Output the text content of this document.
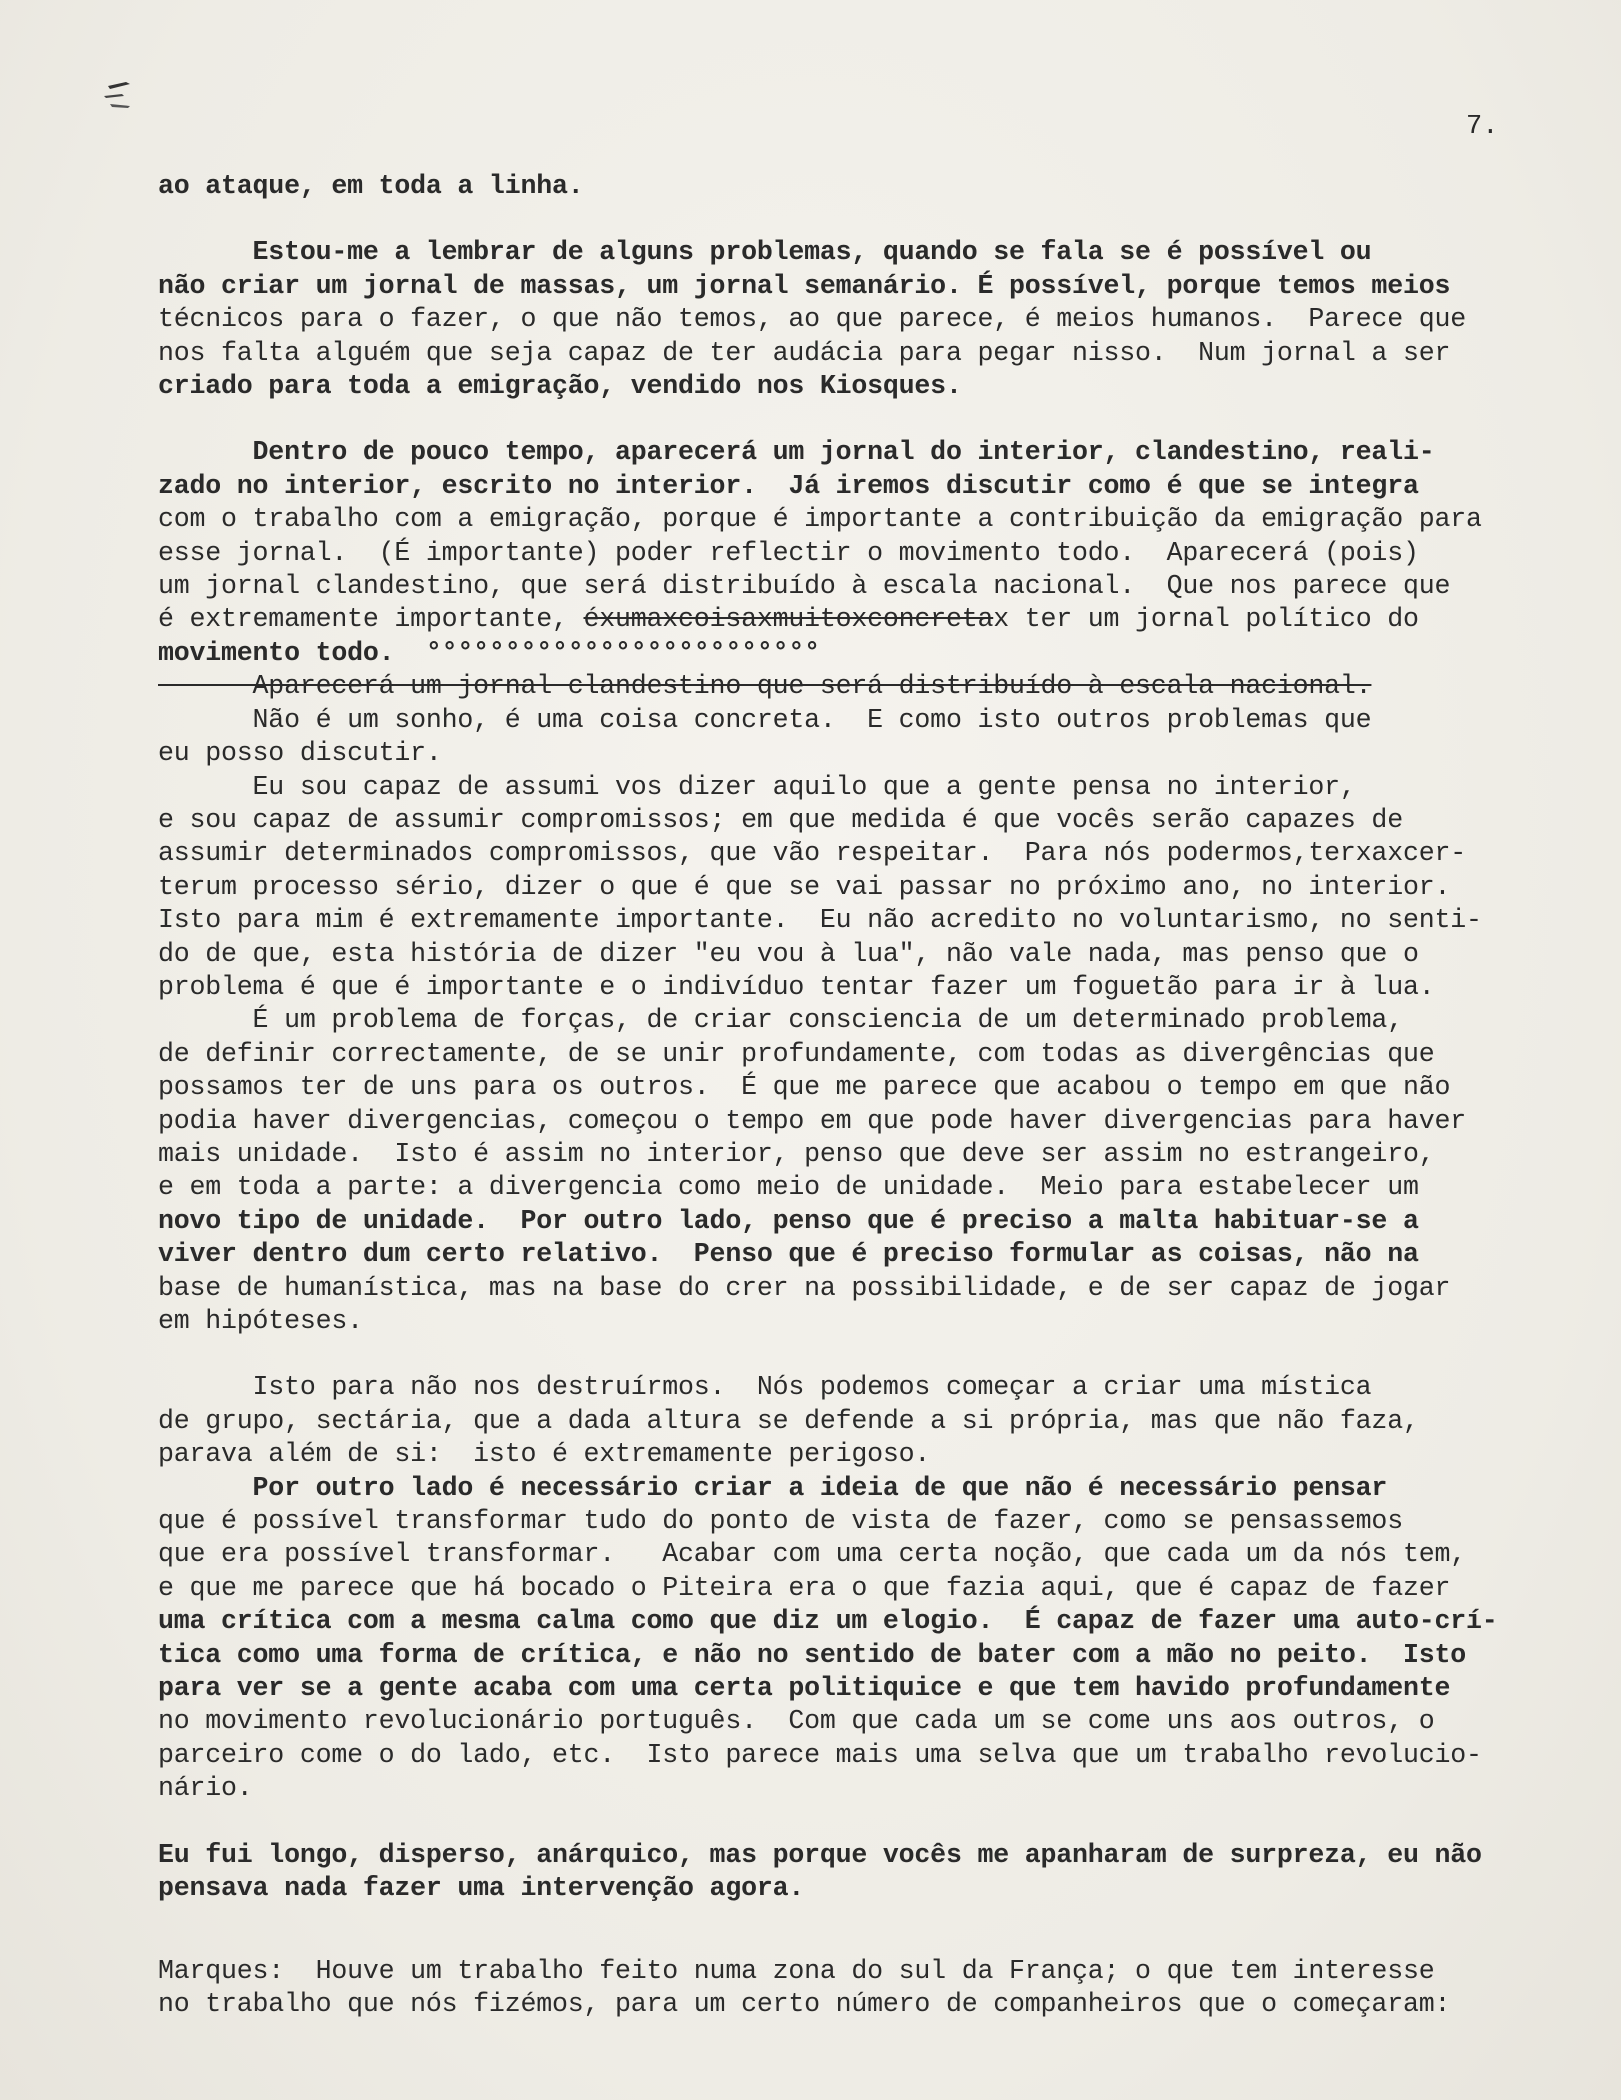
7.

ao ataque, em toda a linha.

Estou-me a lembrar de alguns problemas, quando se fala se é possível ou

não criar um jornal de massas, um jornal semanário. É possível, porque temos meios

técnicos para o fazer, o que não temos, ao que parece, é meios humanos.  Parece que

nos falta alguém que seja capaz de ter audácia para pegar nisso.  Num jornal a ser

criado para toda a emigração, vendido nos Kiosques.

Dentro de pouco tempo, aparecerá um jornal do interior, clandestino, reali-

zado no interior, escrito no interior.  Já iremos discutir como é que se integra

com o trabalho com a emigração, porque é importante a contribuição da emigração para

esse jornal.  (É importante) poder reflectir o movimento todo.  Aparecerá (pois)

um jornal clandestino, que será distribuído à escala nacional.  Que nos parece que

é extremamente importante, éxumaxcoisaxmuitoxconcretax ter um jornal político do

movimento todo.  °°°°°°°°°°°°°°°°°°°°°°°°°

Aparecerá um jornal clandestino que será distribuído à escala nacional.

Não é um sonho, é uma coisa concreta.  E como isto outros problemas que

eu posso discutir.

Eu sou capaz de assumi vos dizer aquilo que a gente pensa no interior,

e sou capaz de assumir compromissos; em que medida é que vocês serão capazes de

assumir determinados compromissos, que vão respeitar.  Para nós podermos,terxaxcer-

terum processo sério, dizer o que é que se vai passar no próximo ano, no interior.

Isto para mim é extremamente importante.  Eu não acredito no voluntarismo, no senti-

do de que, esta história de dizer "eu vou à lua", não vale nada, mas penso que o

problema é que é importante e o indivíduo tentar fazer um foguetão para ir à lua.

É um problema de forças, de criar consciencia de um determinado problema,

de definir correctamente, de se unir profundamente, com todas as divergências que

possamos ter de uns para os outros.  É que me parece que acabou o tempo em que não

podia haver divergencias, começou o tempo em que pode haver divergencias para haver

mais unidade.  Isto é assim no interior, penso que deve ser assim no estrangeiro,

e em toda a parte: a divergencia como meio de unidade.  Meio para estabelecer um

novo tipo de unidade.  Por outro lado, penso que é preciso a malta habituar-se a

viver dentro dum certo relativo.  Penso que é preciso formular as coisas, não na

base de humanística, mas na base do crer na possibilidade, e de ser capaz de jogar

em hipóteses.

Isto para não nos destruírmos.  Nós podemos começar a criar uma mística

de grupo, sectária, que a dada altura se defende a si própria, mas que não faza,

parava além de si:  isto é extremamente perigoso.

Por outro lado é necessário criar a ideia de que não é necessário pensar

que é possível transformar tudo do ponto de vista de fazer, como se pensassemos

que era possível transformar.   Acabar com uma certa noção, que cada um da nós tem,

e que me parece que há bocado o Piteira era o que fazia aqui, que é capaz de fazer

uma crítica com a mesma calma como que diz um elogio.  É capaz de fazer uma auto-crí-

tica como uma forma de crítica, e não no sentido de bater com a mão no peito.  Isto

para ver se a gente acaba com uma certa politiquice e que tem havido profundamente

no movimento revolucionário português.  Com que cada um se come uns aos outros, o

parceiro come o do lado, etc.  Isto parece mais uma selva que um trabalho revolucio-

nário.

Eu fui longo, disperso, anárquico, mas porque vocês me apanharam de surpreza, eu não

pensava nada fazer uma intervenção agora.

Marques:  Houve um trabalho feito numa zona do sul da França; o que tem interesse

no trabalho que nós fizémos, para um certo número de companheiros que o começaram:
